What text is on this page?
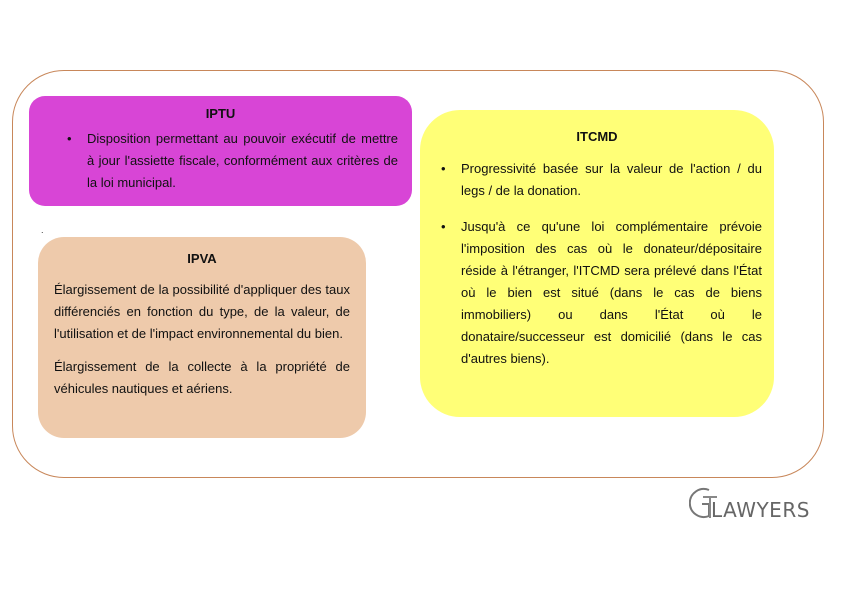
IPTU
• Disposition permettant au pouvoir exécutif de mettre à jour l'assiette fiscale, conformément aux critères de la loi municipal.
.
IPVA

Élargissement de la possibilité d'appliquer des taux différenciés en fonction du type, de la valeur, de l'utilisation et de l'impact environnemental du bien.

Élargissement de la collecte à la propriété de véhicules nautiques et aériens.

ITCMD
• Progressivité basée sur la valeur de l'action / du legs / de la donation.
• Jusqu'à ce qu'une loi complémentaire prévoie l'imposition des cas où le donateur/dépositaire réside à l'étranger, l'ITCMD sera prélevé dans l'État où le bien est situé (dans le cas de biens immobiliers) ou dans l'État où le donataire/successeur est domicilié (dans le cas d'autres biens).
LAWYERS
